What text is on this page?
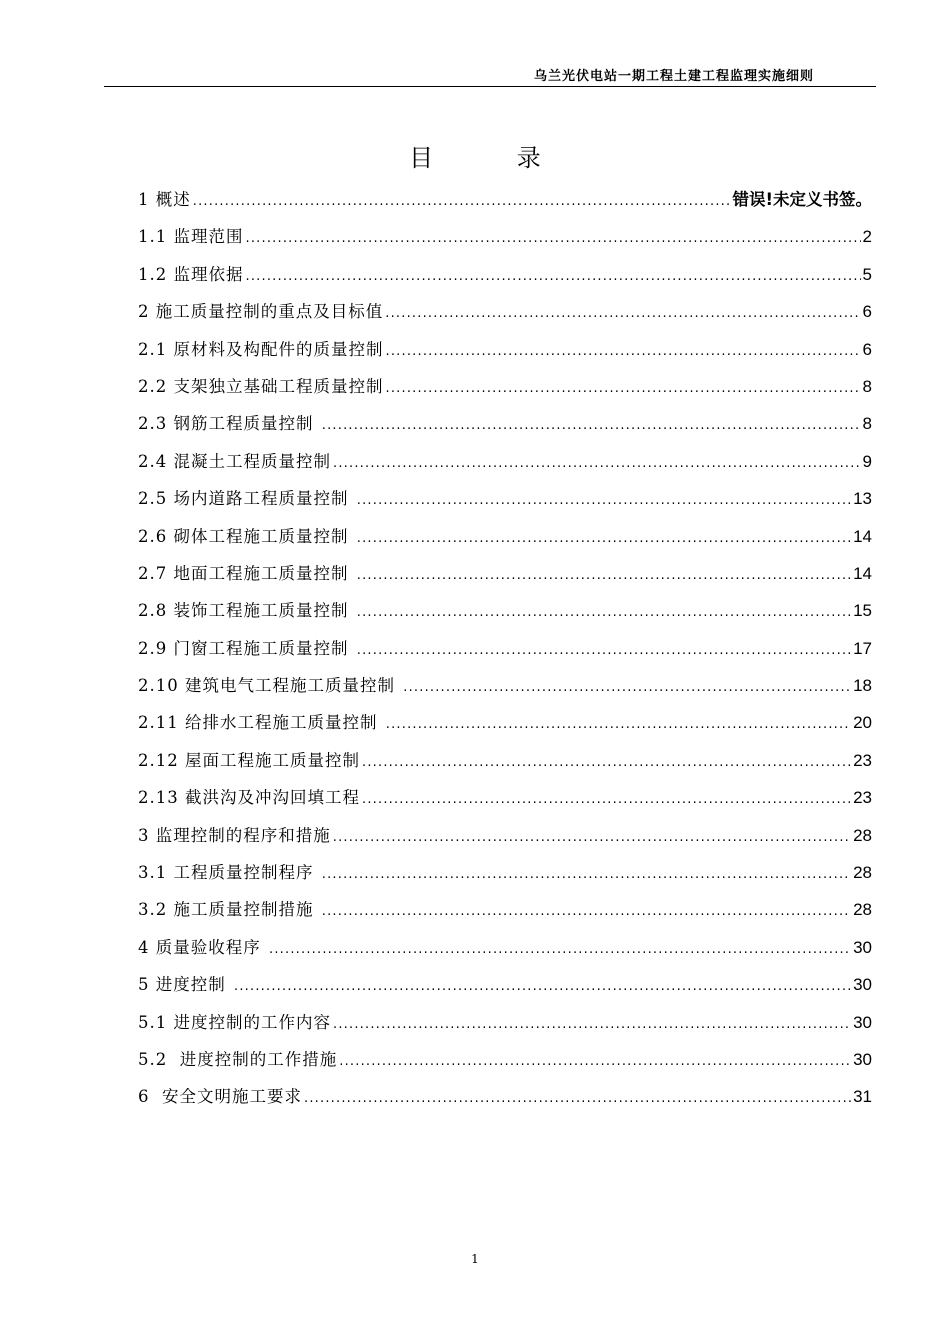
乌兰光伏电站一期工程土建工程监理实施细则
目 录
1 概述 .....	错误!未定义书签。
1.1 监理范围 .....	2
1.2 监理依据 .....	5
2 施工质量控制的重点及目标值 .....	6
2.1 原材料及构配件的质量控制 .....	6
2.2 支架独立基础工程质量控制 .....	8
2.3 钢筋工程质量控制 .....	8
2.4 混凝土工程质量控制 .....	9
2.5 场内道路工程质量控制 .....	13
2.6 砌体工程施工质量控制 .....	14
2.7 地面工程施工质量控制 .....	14
2.8 装饰工程施工质量控制 .....	15
2.9 门窗工程施工质量控制 .....	17
2.10 建筑电气工程施工质量控制 .....	18
2.11 给排水工程施工质量控制 .....	20
2.12 屋面工程施工质量控制 .....	23
2.13 截洪沟及冲沟回填工程 .....	23
3 监理控制的程序和措施 .....	28
3.1 工程质量控制程序 .....	28
3.2 施工质量控制措施 .....	28
4 质量验收程序 .....	30
5 进度控制 .....	30
5.1 进度控制的工作内容 .....	30
5.2  进度控制的工作措施 .....	30
6  安全文明施工要求 .....	31
1
